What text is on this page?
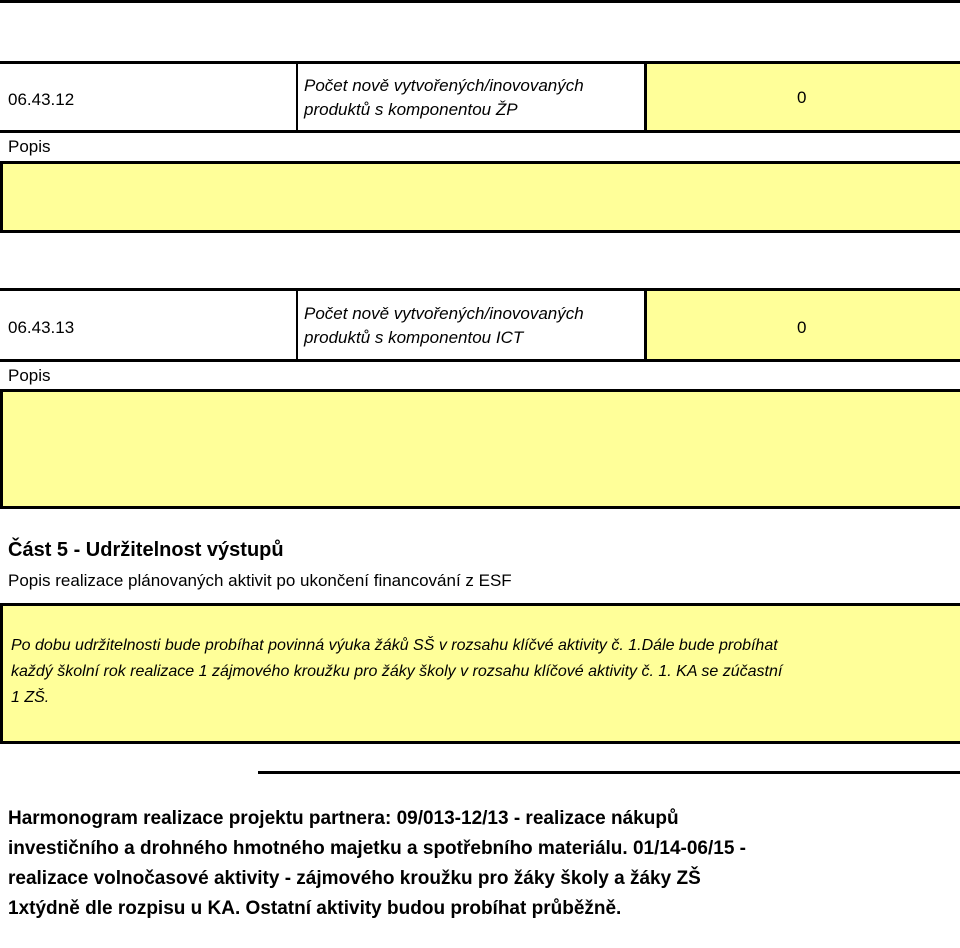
06.43.12
Počet nově vytvořených/inovovaných
produktů s komponentou ŽP
0
Popis
06.43.13
Počet nově vytvořených/inovovaných
produktů s komponentou ICT
0
Popis
Část 5 - Udržitelnost výstupů
Popis realizace plánovaných aktivit po ukončení financování z ESF
Po dobu udržitelnosti bude probíhat povinná výuka žáků SŠ v rozsahu klíčvé aktivity č. 1.Dále bude probíhat
každý školní rok realizace 1 zájmového kroužku pro žáky školy v rozsahu klíčové aktivity č. 1. KA se zúčastní
1 ZŠ.
Harmonogram realizace projektu partnera: 09/013-12/13 - realizace nákupů
investičního a drohného hmotného majetku a spotřebního materiálu. 01/14-06/15 -
realizace volnočasové aktivity - zájmového kroužku pro žáky školy a žáky ZŠ
1xtýdně dle rozpisu u KA. Ostatní aktivity budou probíhat průběžně.
